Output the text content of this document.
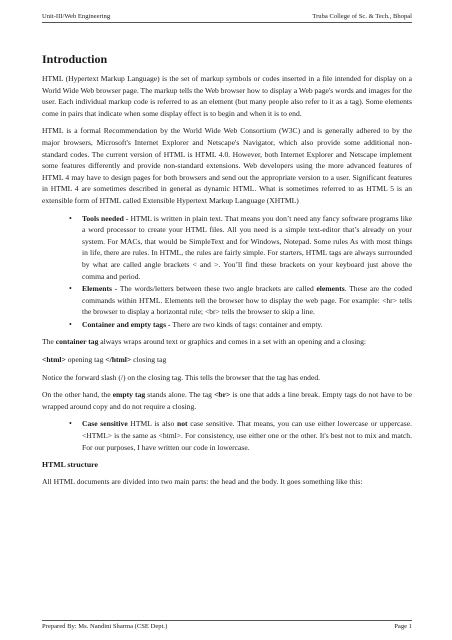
Unit-III/Web Engineering	Truba College of Sc. & Tech., Bhopal
Introduction

HTML (Hypertext Markup Language) is the set of markup symbols or codes inserted in a file intended for display on a World Wide Web browser page. The markup tells the Web browser how to display a Web page's words and images for the user. Each individual markup code is referred to as an element (but many people also refer to it as a tag). Some elements come in pairs that indicate when some display effect is to begin and when it is to end.

HTML is a formal Recommendation by the World Wide Web Consortium (W3C) and is generally adhered to by the major browsers, Microsoft's Internet Explorer and Netscape's Navigator, which also provide some additional non-standard codes. The current version of HTML is HTML 4.0. However, both Internet Explorer and Netscape implement some features differently and provide non-standard extensions. Web developers using the more advanced features of HTML 4 may have to design pages for both browsers and send out the appropriate version to a user. Significant features in HTML 4 are sometimes described in general as dynamic HTML. What is sometimes referred to as HTML 5 is an extensible form of HTML called Extensible Hypertext Markup Language (XHTML)

• Tools needed - HTML is written in plain text. That means you don’t need any fancy software programs like a word processor to create your HTML files. All you need is a simple text-editor that’s already on your system. For MACs, that would be SimpleText and for Windows, Notepad. Some rules As with most things in life, there are rules. In HTML, the rules are fairly simple. For starters, HTML tags are always surrounded by what are called angle brackets < and >. You’ll find these brackets on your keyboard just above the comma and period.
• Elements - The words/letters between these two angle brackets are called elements. These are the coded commands within HTML. Elements tell the browser how to display the web page. For example: <hr> tells the browser to display a horizontal rule; <br> tells the browser to skip a line.
• Container and empty tags - There are two kinds of tags: container and empty.

The container tag always wraps around text or graphics and comes in a set with an opening and a closing:

<html> opening tag </html> closing tag

Notice the forward slash (/) on the closing tag. This tells the browser that the tag has ended.

On the other hand, the empty tag stands alone. The tag <br> is one that adds a line break. Empty tags do not have to be wrapped around copy and do not require a closing.

• Case sensitive HTML is also not case sensitive. That means, you can use either lowercase or uppercase. <HTML> is the same as <html>. For consistency, use either one or the other. It's best not to mix and match. For our purposes, I have written our code in lowercase.
HTML structure

All HTML documents are divided into two main parts: the head and the body. It goes something like this:

Prepared By: Ms. Nandini Sharma (CSE Dept.)	Page 1
